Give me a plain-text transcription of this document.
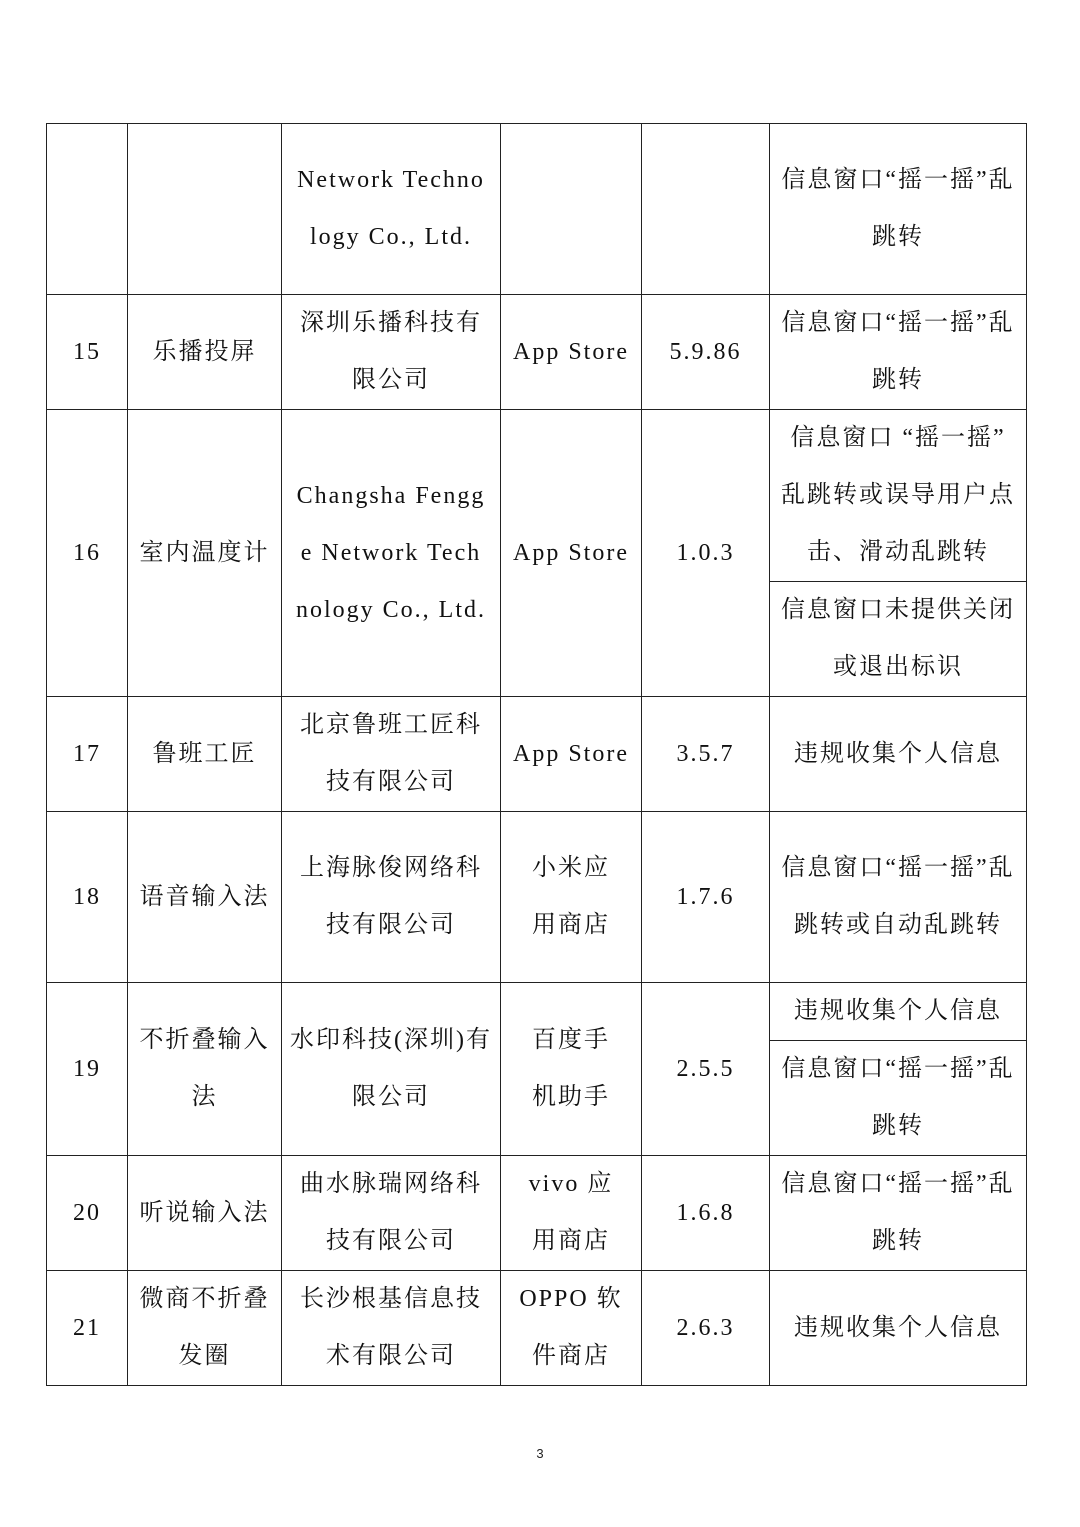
		Network Technology Co., Ltd.			信息窗口“摇一摇”乱跳转
15	乐播投屏	深圳乐播科技有限公司	App Store	5.9.86	信息窗口“摇一摇”乱跳转
16	室内温度计	Changsha Fengge Network Technology Co., Ltd.	App Store	1.0.3	信息窗口 “摇一摇” 乱跳转或误导用户点击、滑动乱跳转
					信息窗口未提供关闭或退出标识
17	鲁班工匠	北京鲁班工匠科技有限公司	App Store	3.5.7	违规收集个人信息
18	语音输入法	上海脉俊网络科技有限公司	小米应用商店	1.7.6	信息窗口“摇一摇”乱跳转或自动乱跳转
19	不折叠输入法	水印科技(深圳)有限公司	百度手机助手	2.5.5	违规收集个人信息
					信息窗口“摇一摇”乱跳转
20	听说输入法	曲水脉瑞网络科技有限公司	vivo 应用商店	1.6.8	信息窗口“摇一摇”乱跳转
21	微商不折叠发圈	长沙根基信息技术有限公司	OPPO 软件商店	2.6.3	违规收集个人信息
3
